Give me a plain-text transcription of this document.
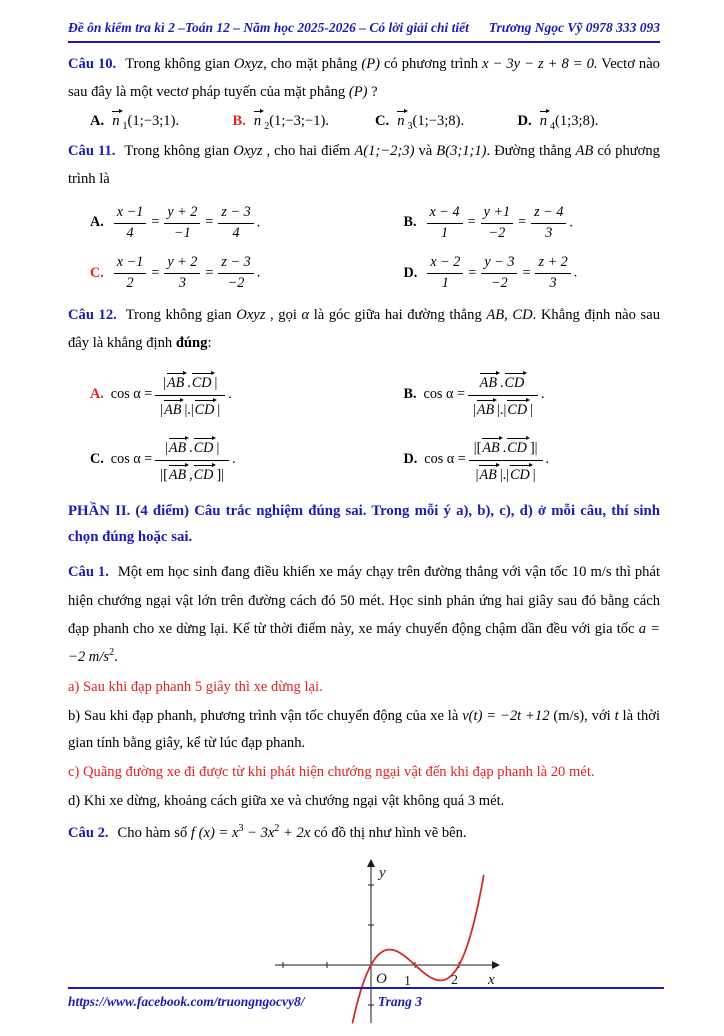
Đề ôn kiểm tra kì 2 –Toán 12 – Năm học 2025-2026 – Có lời giải chi tiết Trương Ngọc Vỹ 0978 333 093

Câu 10. Trong không gian Oxyz, cho mặt phẳng (P) có phương trình x − 3y − z + 8 = 0. Vectơ nào sau đây là một vectơ pháp tuyến của mặt phẳng (P) ?

A. n $_1$(1;−3;1).	B. n $_2$(1;−3;−1).	C. n $_3$(1;−3;8).	D. n $_4$(1;3;8).

Câu 11. Trong không gian Oxyz , cho hai điểm A(1;−2;3) và B(3;1;1). Đường thẳng AB có phương trình là

A. $\frac{x -1}{4} = \frac{y + 2}{-1} = \frac{z - 3}{4}$ .	B. $\frac{x - 4}{1} = \frac{y +1}{-2} = \frac{z - 4}{3}$ .
C. $\frac{x -1}{2} = \frac{y + 2}{3} = \frac{z - 3}{-2}$ .	D. $\frac{x - 2}{1} = \frac{y - 3}{-2} = \frac{z + 2}{3}$ .

Câu 12. Trong không gian Oxyz , gọi α là góc giữa hai đường thẳng AB, CD. Khẳng định nào sau đây là khẳng định đúng:

A. $\cos \alpha = \frac{|AB .CD |}{|AB |.|CD |}$ .	B. $\cos \alpha = \frac{AB .CD}{|AB |.|CD |}$ .
C. $\cos \alpha = \frac{|AB .CD |}{|[AB ,CD ]|}$ .	D. $\cos \alpha = \frac{|[AB .CD ]|}{|AB |.|CD |}$ .

PHẦN II. (4 điểm) Câu trắc nghiệm đúng sai. Trong mỗi ý a), b), c), d) ở mỗi câu, thí sinh chọn đúng hoặc sai.

Câu 1. Một em học sinh đang điều khiển xe máy chạy trên đường thẳng với vận tốc 10 m/s thì phát hiện chướng ngại vật lớn trên đường cách đó 50 mét. Học sinh phản ứng hai giây sau đó bằng cách đạp phanh cho xe dừng lại. Kể từ thời điểm này, xe máy chuyển động chậm dần đều với gia tốc a = −2 $m/s^2$.

a) Sau khi đạp phanh 5 giây thì xe dừng lại.

b) Sau khi đạp phanh, phương trình vận tốc chuyển động của xe là v(t) = −2t +12 (m/s), với t là thời gian tính bằng giây, kể từ lúc đạp phanh.

c) Quãng đường xe đi được từ khi phát hiện chướng ngại vật đến khi đạp phanh là 20 mét.

d) Khi xe dừng, khoảng cách giữa xe và chướng ngại vật không quá 3 mét.

Câu 2. Cho hàm số f $(x) = x^3 - 3x^2 + 2x$ có đồ thị như hình vẽ bên.

y
x
O 1	2
https://www.facebook.com/truongngocvy8/	Trang 3
